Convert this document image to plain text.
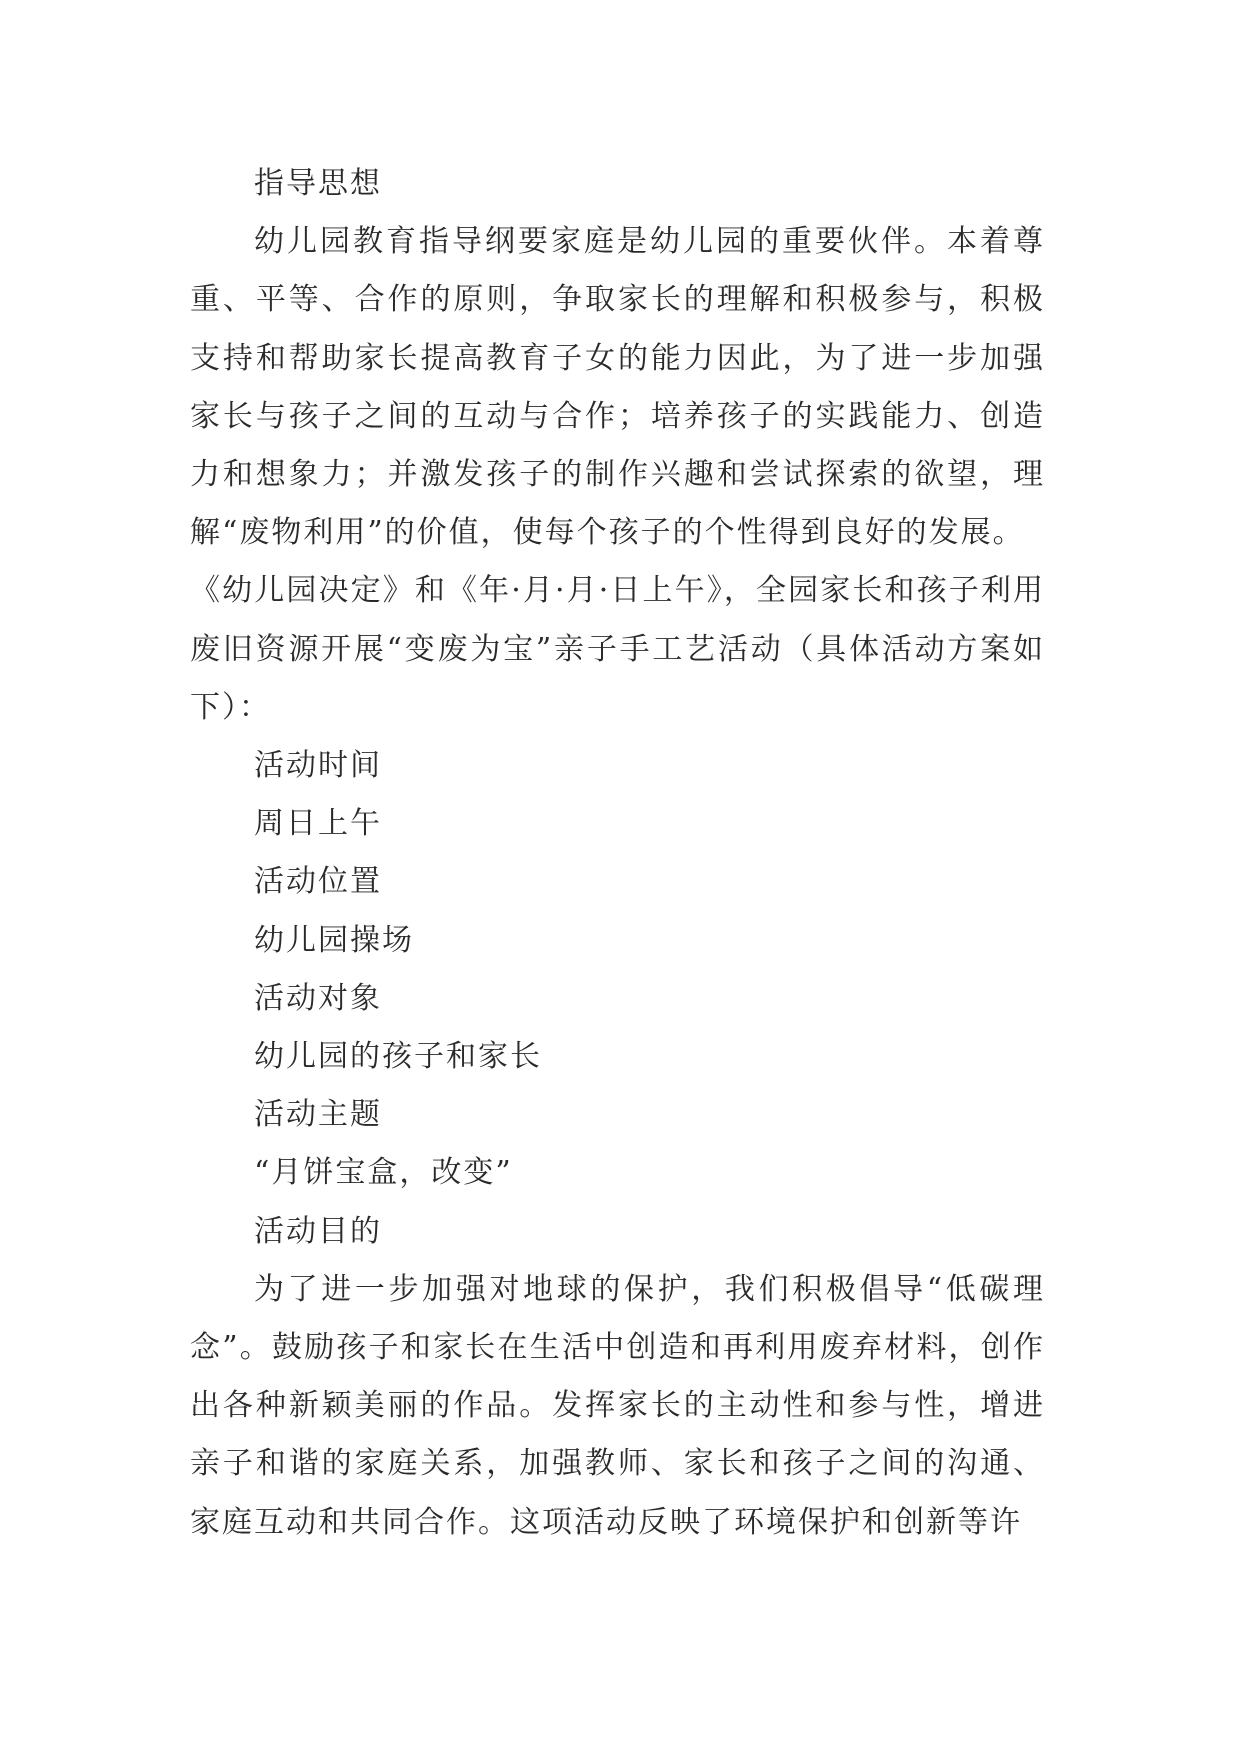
指导思想

幼儿园教育指导纲要家庭是幼儿园的重要伙伴。本着尊重、平等、合作的原则，争取家长的理解和积极参与，积极支持和帮助家长提高教育子女的能力因此，为了进一步加强家长与孩子之间的互动与合作；培养孩子的实践能力、创造力和想象力；并激发孩子的制作兴趣和尝试探索的欲望，理解“废物利用”的价值，使每个孩子的个性得到良好的发展。

《幼儿园决定》和《年·月·月·日上午》，全园家长和孩子利用废旧资源开展“变废为宝”亲子手工艺活动（具体活动方案如下）：

活动时间

周日上午

活动位置

幼儿园操场

活动对象

幼儿园的孩子和家长

活动主题

“月饼宝盒，改变”

活动目的

为了进一步加强对地球的保护，我们积极倡导“低碳理念”。鼓励孩子和家长在生活中创造和再利用废弃材料，创作出各种新颖美丽的作品。发挥家长的主动性和参与性，增进亲子和谐的家庭关系，加强教师、家长和孩子之间的沟通、家庭互动和共同合作。这项活动反映了环境保护和创新等许
